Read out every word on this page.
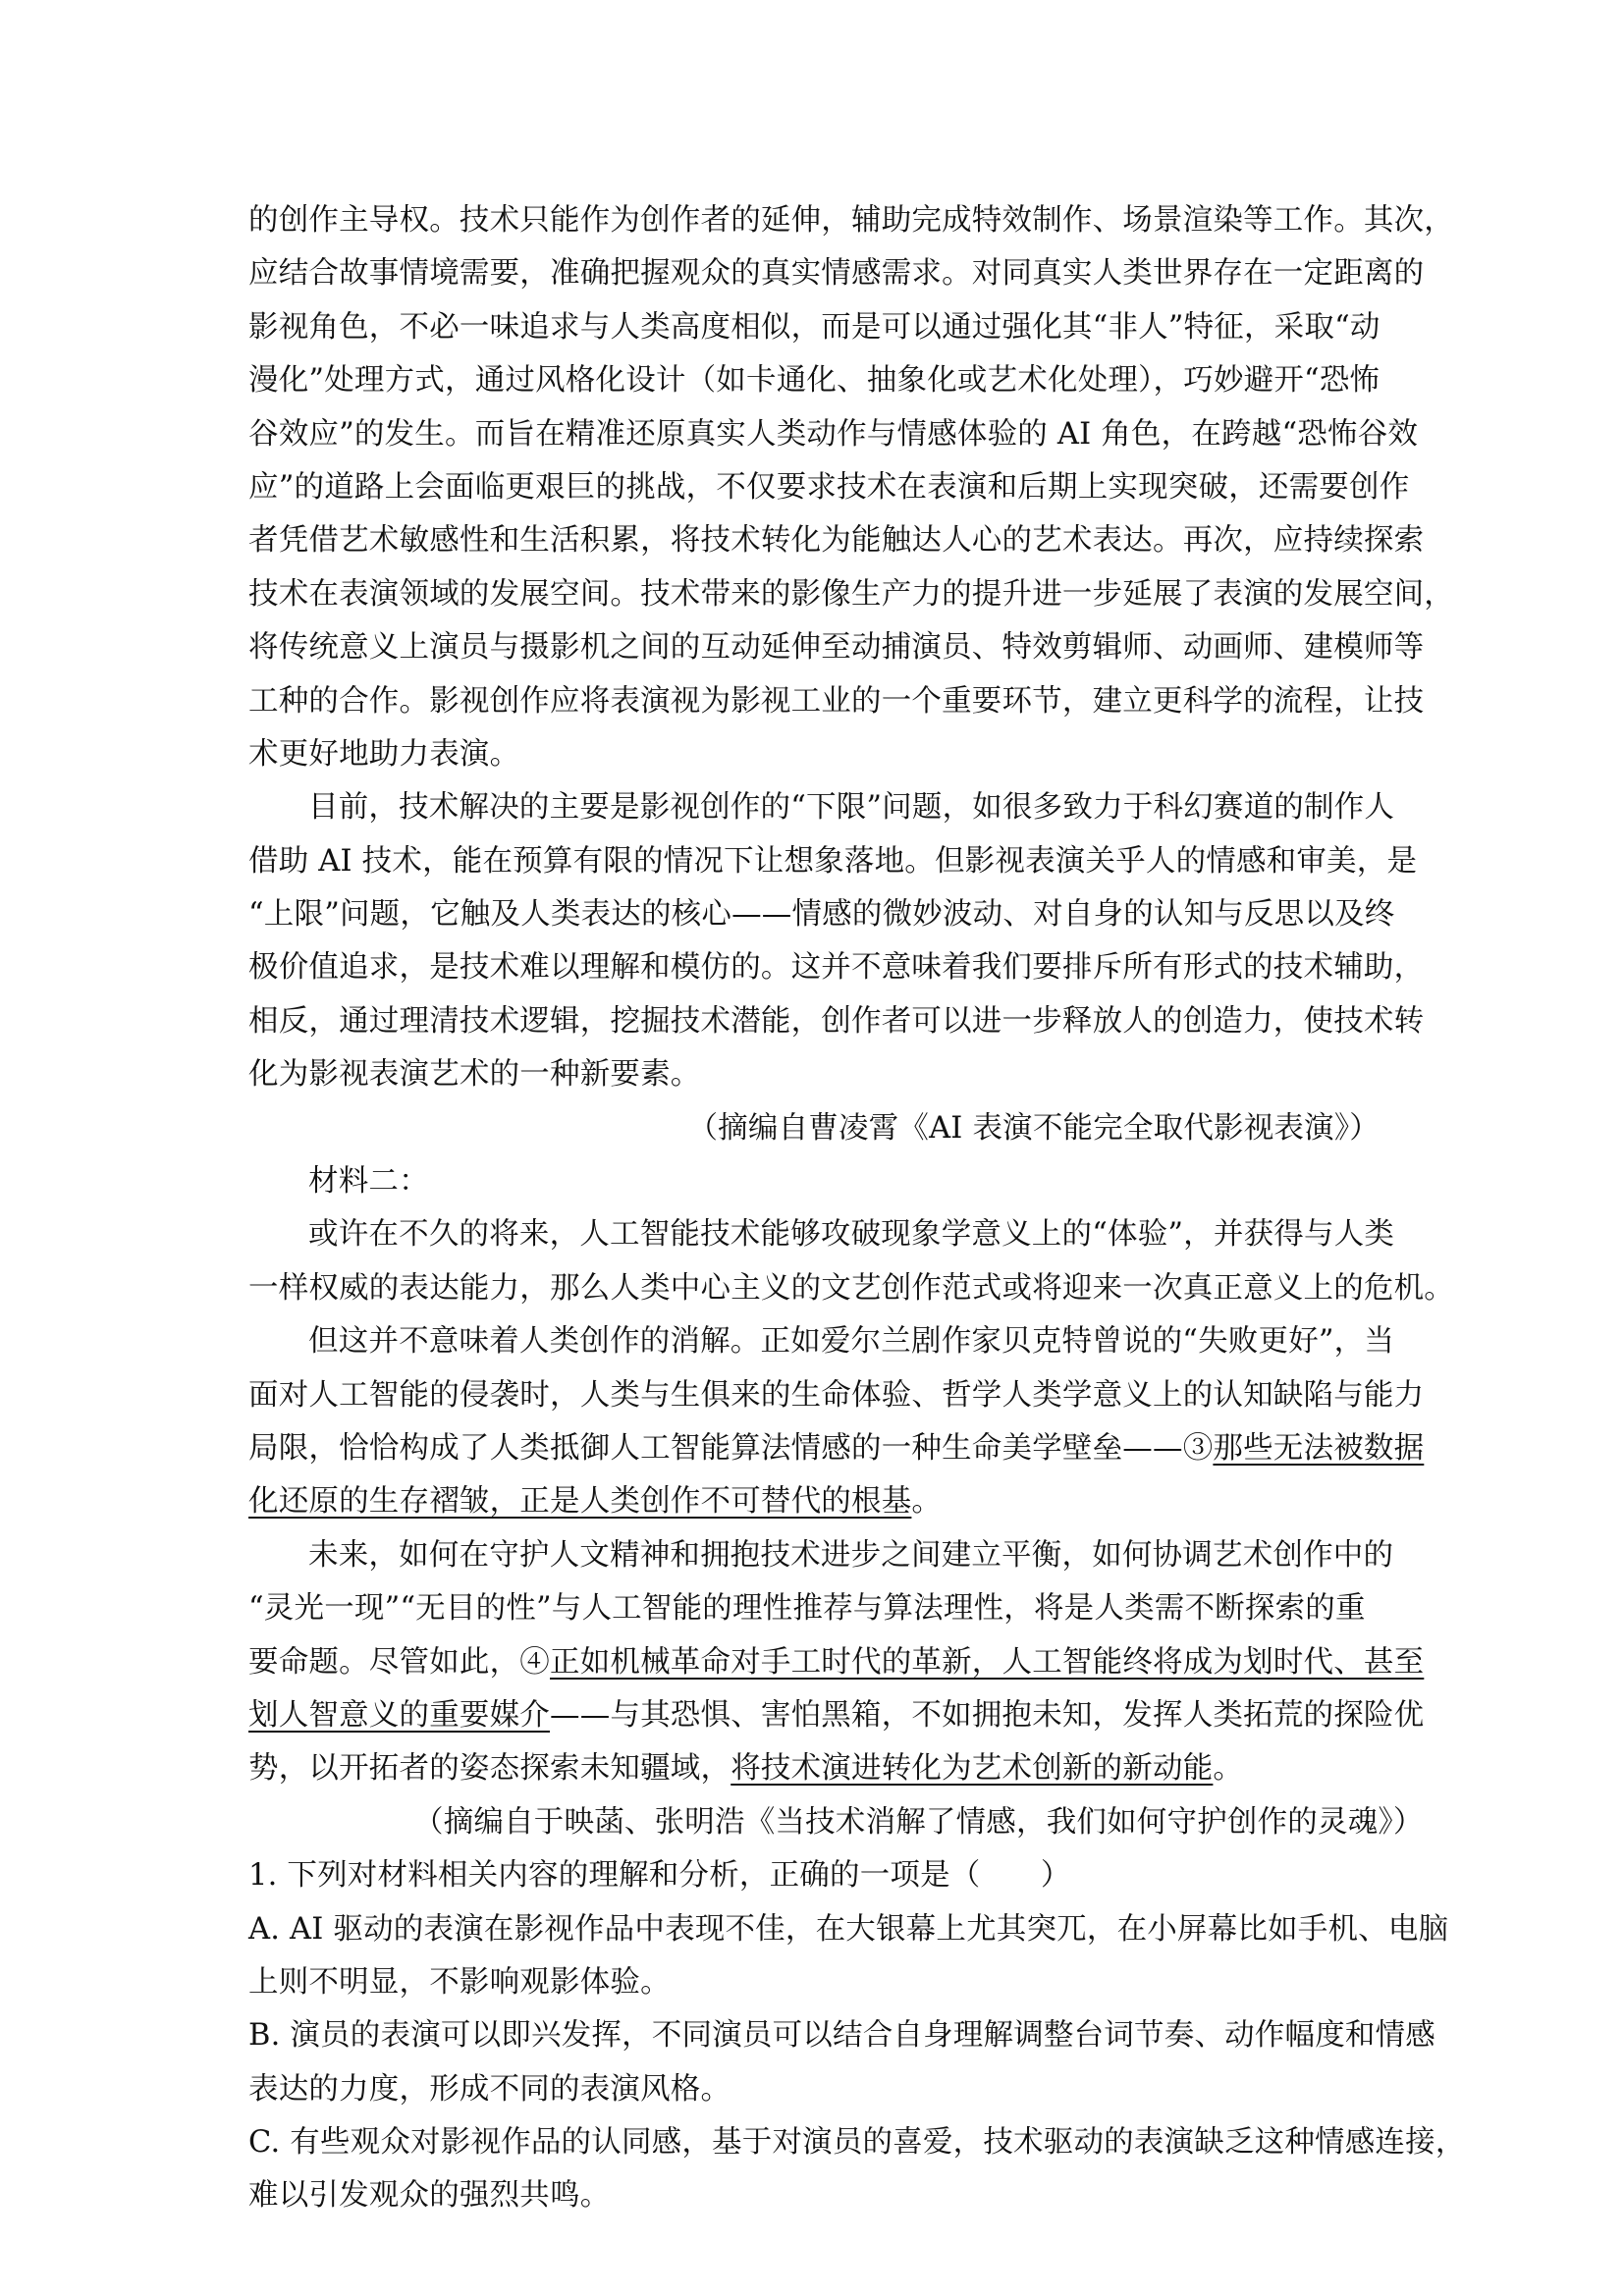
的创作主导权。技术只能作为创作者的延伸，辅助完成特效制作、场景渲染等工作。其次，
应结合故事情境需要，准确把握观众的真实情感需求。对同真实人类世界存在一定距离的
影视角色，不必一味追求与人类高度相似，而是可以通过强化其“非人”特征，采取“动
漫化”处理方式，通过风格化设计（如卡通化、抽象化或艺术化处理），巧妙避开“恐怖
谷效应”的发生。而旨在精准还原真实人类动作与情感体验的 AI 角色，在跨越“恐怖谷效
应”的道路上会面临更艰巨的挑战，不仅要求技术在表演和后期上实现突破，还需要创作
者凭借艺术敏感性和生活积累，将技术转化为能触达人心的艺术表达。再次，应持续探索
技术在表演领域的发展空间。技术带来的影像生产力的提升进一步延展了表演的发展空间，
将传统意义上演员与摄影机之间的互动延伸至动捕演员、特效剪辑师、动画师、建模师等
工种的合作。影视创作应将表演视为影视工业的一个重要环节，建立更科学的流程，让技
术更好地助力表演。
目前，技术解决的主要是影视创作的“下限”问题，如很多致力于科幻赛道的制作人
借助 AI 技术，能在预算有限的情况下让想象落地。但影视表演关乎人的情感和审美，是
“上限”问题，它触及人类表达的核心——情感的微妙波动、对自身的认知与反思以及终
极价值追求，是技术难以理解和模仿的。这并不意味着我们要排斥所有形式的技术辅助，
相反，通过理清技术逻辑，挖掘技术潜能，创作者可以进一步释放人的创造力，使技术转
化为影视表演艺术的一种新要素。
（摘编自曹凌霄《AI 表演不能完全取代影视表演》）
材料二：
或许在不久的将来，人工智能技术能够攻破现象学意义上的“体验”，并获得与人类
一样权威的表达能力，那么人类中心主义的文艺创作范式或将迎来一次真正意义上的危机。
但这并不意味着人类创作的消解。正如爱尔兰剧作家贝克特曾说的“失败更好”，当
面对人工智能的侵袭时，人类与生俱来的生命体验、哲学人类学意义上的认知缺陷与能力
局限，恰恰构成了人类抵御人工智能算法情感的一种生命美学壁垒——③那些无法被数据
化还原的生存褶皱，正是人类创作不可替代的根基。
未来，如何在守护人文精神和拥抱技术进步之间建立平衡，如何协调艺术创作中的
“灵光一现”“无目的性”与人工智能的理性推荐与算法理性，将是人类需不断探索的重
要命题。尽管如此，④正如机械革命对手工时代的革新，人工智能终将成为划时代、甚至
划人智意义的重要媒介——与其恐惧、害怕黑箱，不如拥抱未知，发挥人类拓荒的探险优
势，以开拓者的姿态探索未知疆域，将技术演进转化为艺术创新的新动能。
（摘编自于映菡、张明浩《当技术消解了情感，我们如何守护创作的灵魂》）
1. 下列对材料相关内容的理解和分析，正确的一项是（　　）
A. AI 驱动的表演在影视作品中表现不佳，在大银幕上尤其突兀，在小屏幕比如手机、电脑
上则不明显，不影响观影体验。
B. 演员的表演可以即兴发挥，不同演员可以结合自身理解调整台词节奏、动作幅度和情感
表达的力度，形成不同的表演风格。
C. 有些观众对影视作品的认同感，基于对演员的喜爱，技术驱动的表演缺乏这种情感连接，
难以引发观众的强烈共鸣。
